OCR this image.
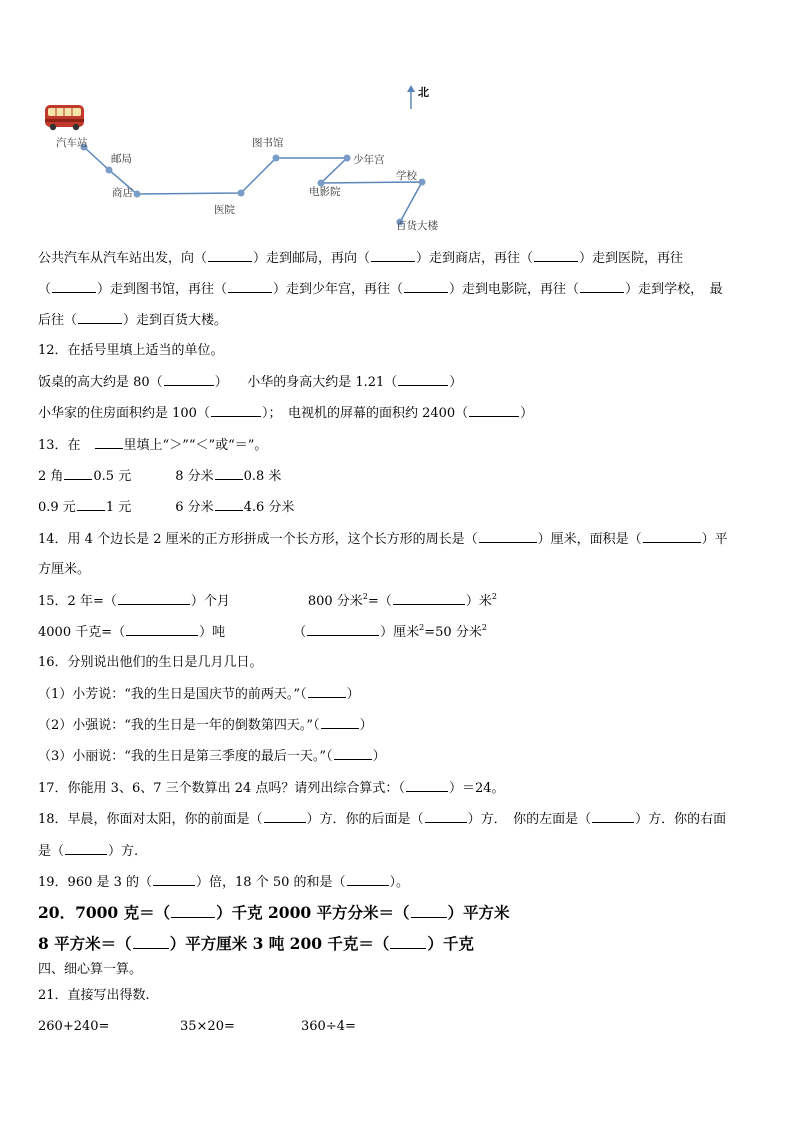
北
汽车站
邮局
商店
医院
图书馆
少年宫
电影院
学校
百货大楼
公共汽车从汽车站出发，向（	）走到邮局，再向（	）走到商店，再往（	）走到医院，再往
（	）走到图书馆，再往（	）走到少年宫，再往（	）走到电影院，再往（	）走到学校，　最
后往（	）走到百货大楼。
12．在括号里填上适当的单位。
饭桌的高大约是 80（	）　　小华的身高大约是 1.21（	）
小华家的住房面积约是 100（	）；　电视机的屏幕的面积约 2400（	）
13．在　里填上“＞”“＜”或“＝”。
2 角 0.5 元	8 分米 0.8 米
0.9 元 1 元	6 分米 4.6 分米
14．用 4 个边长是 2 厘米的正方形拼成一个长方形，这个长方形的周长是（	）厘米，面积是（	）平
方厘米。
15．2 年=（	）个月	800 分米$^2$=（	）米$^2$
4000 千克=（	）吨	（	）厘米$^2$=50 分米$^2$
16．分别说出他们的生日是几月几日。
（1）小芳说：“我的生日是国庆节的前两天。”（	）
（2）小强说：“我的生日是一年的倒数第四天。”（	）
（3）小丽说：“我的生日是第三季度的最后一天。”（	）
17．你能用 3、6、7 三个数算出 24 点吗？请列出综合算式：（	）＝24。
18．早晨，你面对太阳，你的前面是（	）方．你的后面是（	）方．　你的左面是（	）方．你的右面
是（	）方.
19．960 是 3 的（	）倍，18 个 50 的和是（	）。
20．7000 克＝（	）千克 2000 平方分米＝（ ）平方米
8 平方米＝（ ）平方厘米 3 吨 200 千克＝（ ）千克
四、细心算一算。
21．直接写出得数.
260+240=	35×20=	360÷4=
